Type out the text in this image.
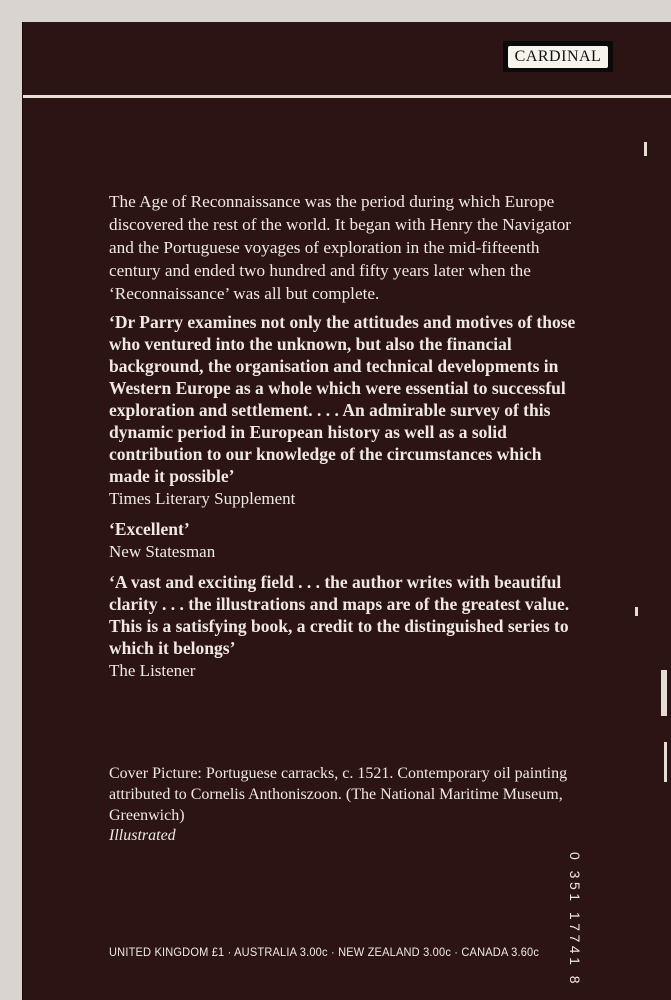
CARDINAL

The Age of Reconnaissance was the period during which Europe discovered the rest of the world. It began with Henry the Navigator and the Portuguese voyages of exploration in the mid-fifteenth century and ended two hundred and fifty years later when the ‘Reconnaissance’ was all but complete.

‘Dr Parry examines not only the attitudes and motives of those who ventured into the unknown, but also the financial background, the organisation and technical developments in Western Europe as a whole which were essential to successful exploration and settlement. . . . An admirable survey of this dynamic period in European history as well as a solid contribution to our knowledge of the circumstances which made it possible’

Times Literary Supplement

‘Excellent’

New Statesman

‘A vast and exciting field . . . the author writes with beautiful clarity . . . the illustrations and maps are of the greatest value. This is a satisfying book, a credit to the distinguished series to which it belongs’

The Listener

Cover Picture: Portuguese carracks, c. 1521. Contemporary oil painting attributed to Cornelis Anthoniszoon. (The National Maritime Museum, Greenwich)

Illustrated
0 351 17741 8
UNITED KINGDOM £1 · AUSTRALIA 3.00c · NEW ZEALAND 3.00c · CANADA 3.60c
